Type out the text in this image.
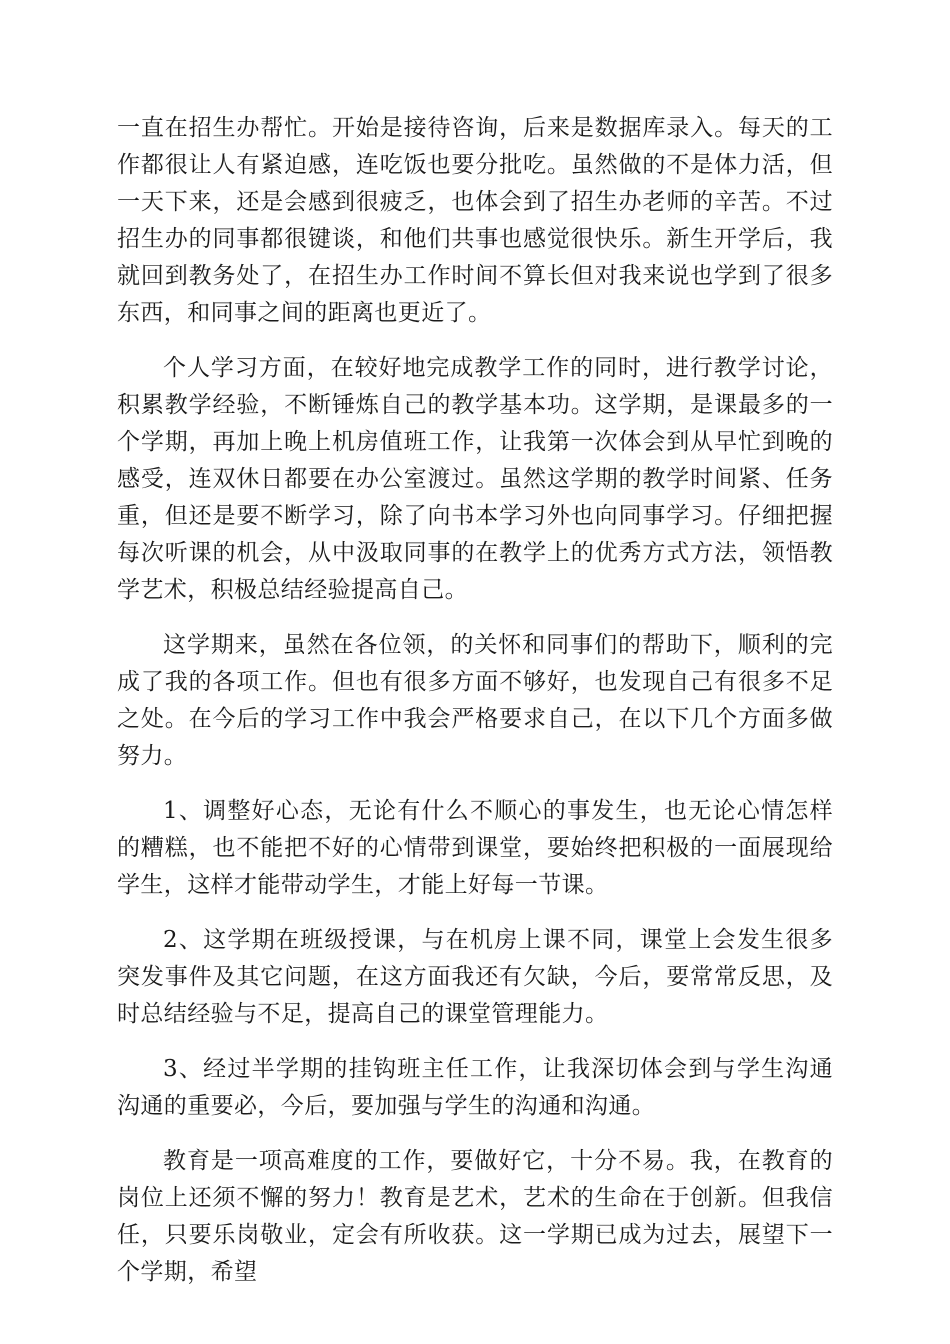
一直在招生办帮忙。开始是接待咨询，后来是数据库录入。每天的工作都很让人有紧迫感，连吃饭也要分批吃。虽然做的不是体力活，但一天下来，还是会感到很疲乏，也体会到了招生办老师的辛苦。不过招生办的同事都很键谈，和他们共事也感觉很快乐。新生开学后，我就回到教务处了，在招生办工作时间不算长但对我来说也学到了很多东西，和同事之间的距离也更近了。

个人学习方面，在较好地完成教学工作的同时，进行教学讨论，积累教学经验，不断锤炼自己的教学基本功。这学期，是课最多的一个学期，再加上晚上机房值班工作，让我第一次体会到从早忙到晚的感受，连双休日都要在办公室渡过。虽然这学期的教学时间紧、任务重，但还是要不断学习，除了向书本学习外也向同事学习。仔细把握每次听课的机会，从中汲取同事的在教学上的优秀方式方法，领悟教学艺术，积极总结经验提高自己。

这学期来，虽然在各位领，的关怀和同事们的帮助下，顺利的完成了我的各项工作。但也有很多方面不够好，也发现自己有很多不足之处。在今后的学习工作中我会严格要求自己，在以下几个方面多做努力。

1、调整好心态，无论有什么不顺心的事发生，也无论心情怎样的糟糕，也不能把不好的心情带到课堂，要始终把积极的一面展现给学生，这样才能带动学生，才能上好每一节课。

2、这学期在班级授课，与在机房上课不同，课堂上会发生很多突发事件及其它问题，在这方面我还有欠缺，今后，要常常反思，及时总结经验与不足，提高自己的课堂管理能力。

3、经过半学期的挂钩班主任工作，让我深切体会到与学生沟通沟通的重要必，今后，要加强与学生的沟通和沟通。

教育是一项高难度的工作，要做好它，十分不易。我，在教育的岗位上还须不懈的努力！教育是艺术，艺术的生命在于创新。但我信任，只要乐岗敬业，定会有所收获。这一学期已成为过去，展望下一个学期，希望
